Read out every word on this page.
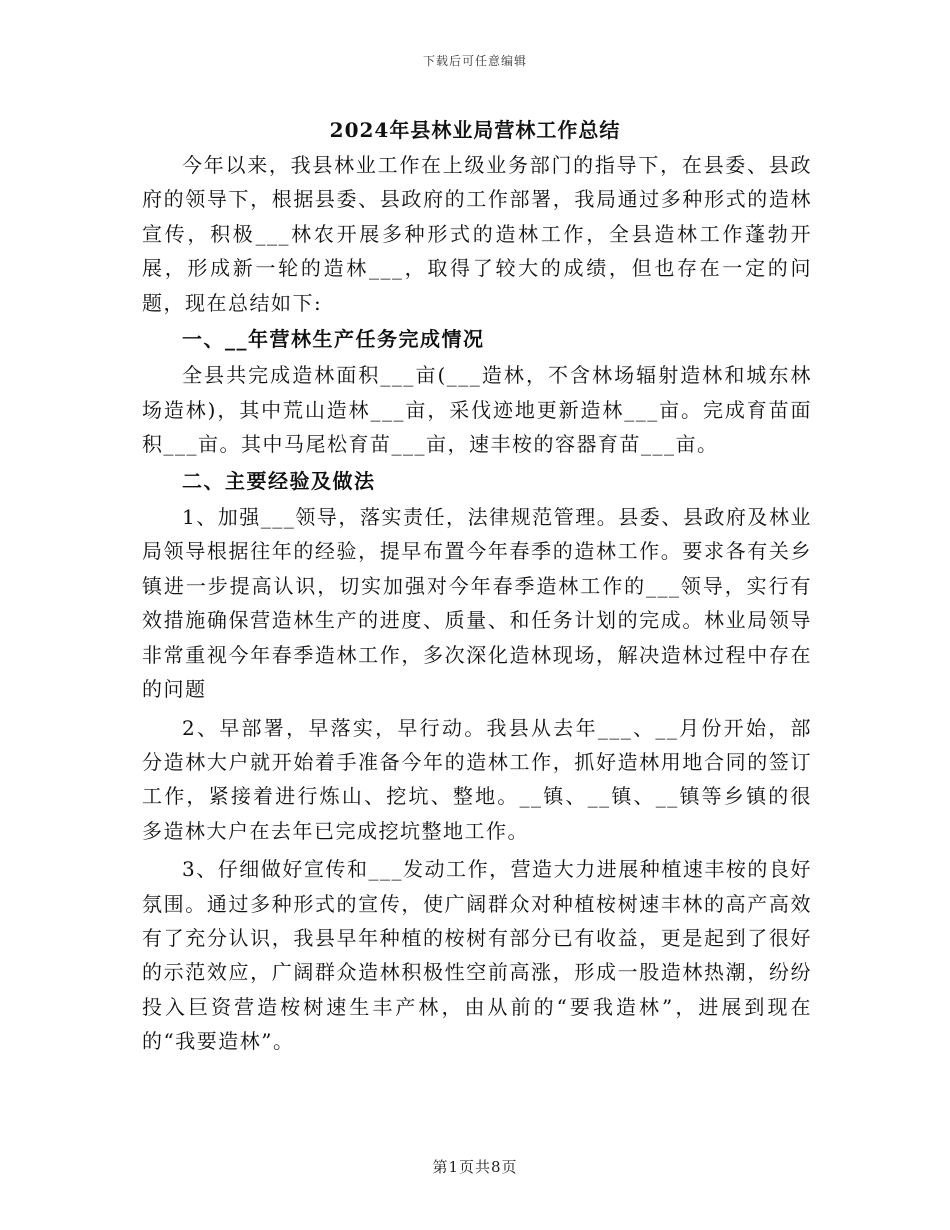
下载后可任意编辑
2024年县林业局营林工作总结

今年以来，我县林业工作在上级业务部门的指导下，在县委、县政府的领导下，根据县委、县政府的工作部署，我局通过多种形式的造林宣传，积极___林农开展多种形式的造林工作，全县造林工作蓬勃开展，形成新一轮的造林___，取得了较大的成绩，但也存在一定的问题，现在总结如下:

一、__年营林生产任务完成情况

全县共完成造林面积___亩(___造林，不含林场辐射造林和城东林场造林)，其中荒山造林___亩，采伐迹地更新造林___亩。完成育苗面积___亩。其中马尾松育苗___亩，速丰桉的容器育苗___亩。

二、主要经验及做法

1、加强___领导，落实责任，法律规范管理。县委、县政府及林业局领导根据往年的经验，提早布置今年春季的造林工作。要求各有关乡镇进一步提高认识，切实加强对今年春季造林工作的___领导，实行有效措施确保营造林生产的进度、质量、和任务计划的完成。林业局领导非常重视今年春季造林工作，多次深化造林现场，解决造林过程中存在的问题

2、早部署，早落实，早行动。我县从去年___、__月份开始，部分造林大户就开始着手准备今年的造林工作，抓好造林用地合同的签订工作，紧接着进行炼山、挖坑、整地。__镇、__镇、__镇等乡镇的很多造林大户在去年已完成挖坑整地工作。

3、仔细做好宣传和___发动工作，营造大力进展种植速丰桉的良好氛围。通过多种形式的宣传，使广阔群众对种植桉树速丰林的高产高效有了充分认识，我县早年种植的桉树有部分已有收益，更是起到了很好的示范效应，广阔群众造林积极性空前高涨，形成一股造林热潮，纷纷投入巨资营造桉树速生丰产林，由从前的“要我造林”，进展到现在的“我要造林”。

第1页共8页
